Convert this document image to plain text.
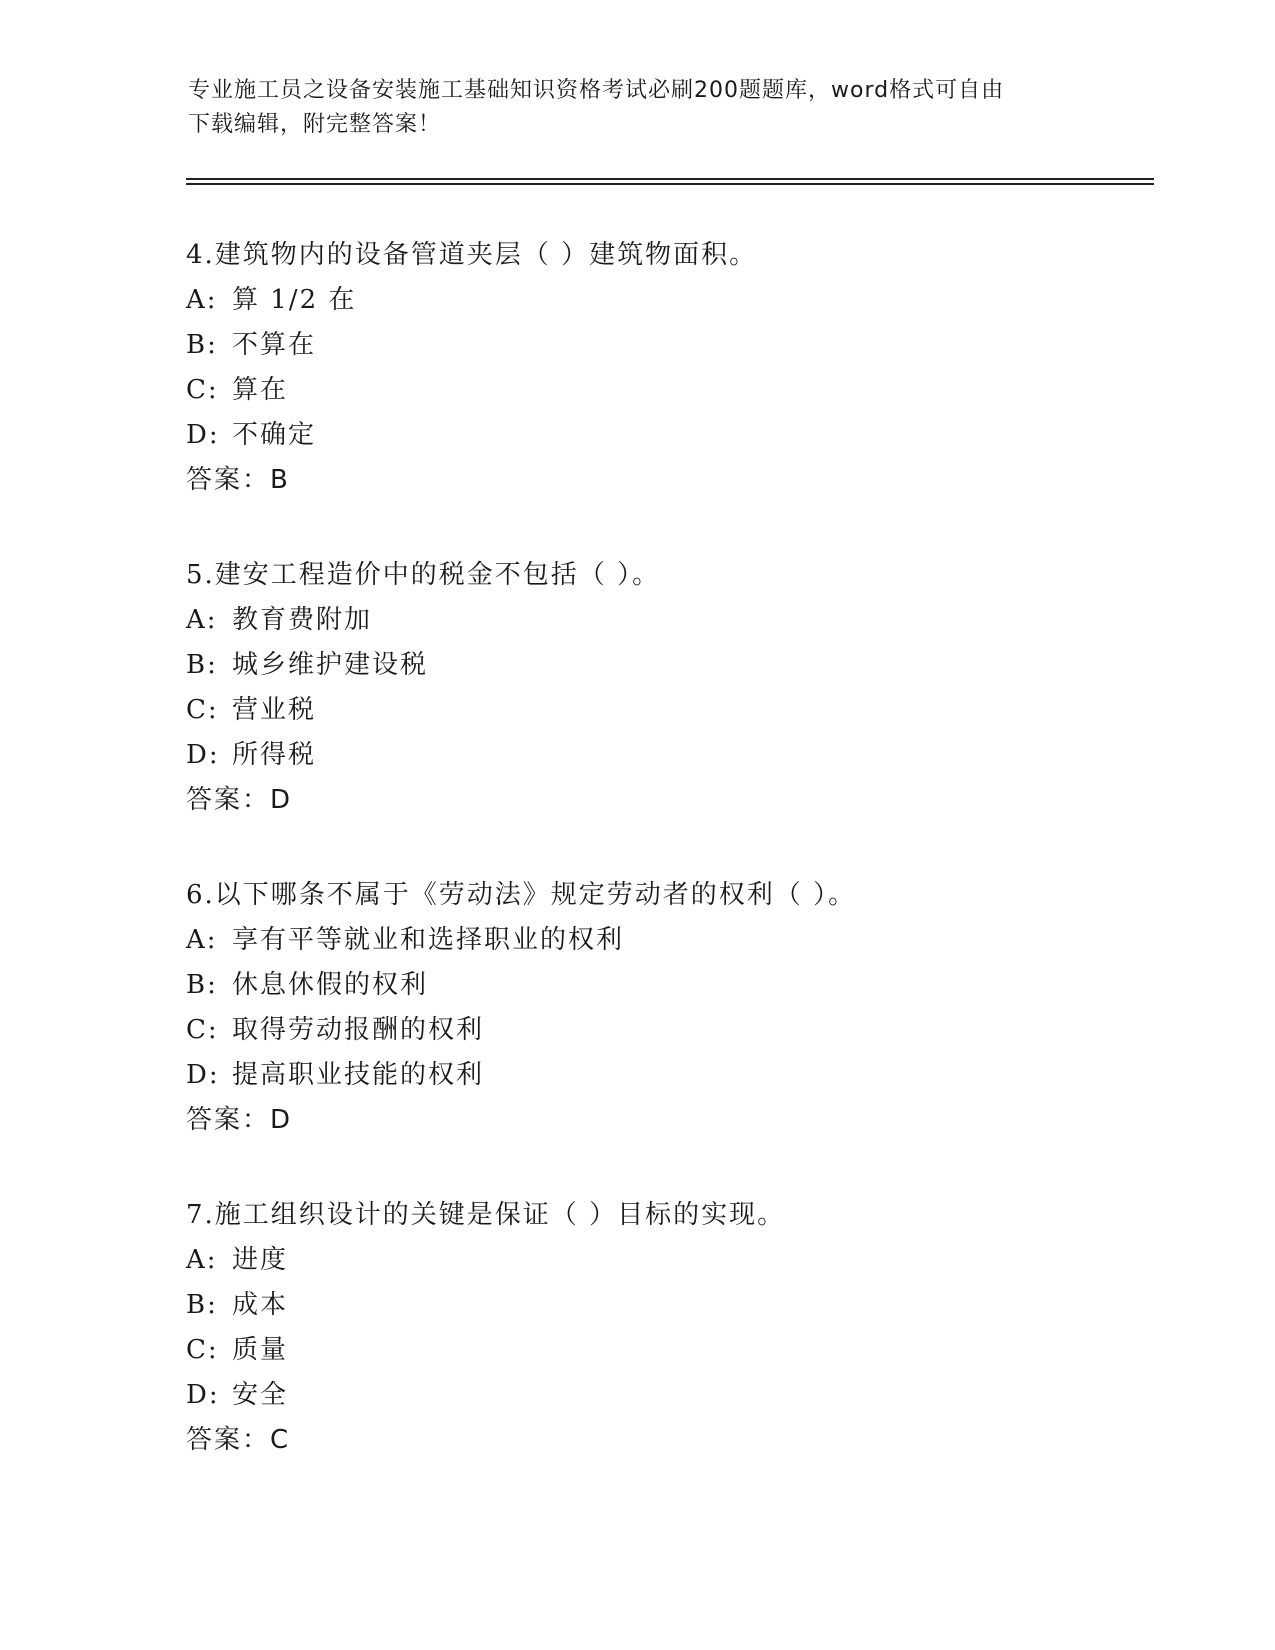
专业施工员之设备安装施工基础知识资格考试必刷200题题库，word格式可自由
下载编辑，附完整答案！
4.建筑物内的设备管道夹层（ ）建筑物面积。
A: 算 1/2 在
B: 不算在
C: 算在
D: 不确定
答案：B
5.建安工程造价中的税金不包括（ ）。
A: 教育费附加
B: 城乡维护建设税
C: 营业税
D: 所得税
答案：D
6.以下哪条不属于《劳动法》规定劳动者的权利（ ）。
A: 享有平等就业和选择职业的权利
B: 休息休假的权利
C: 取得劳动报酬的权利
D: 提高职业技能的权利
答案：D
7.施工组织设计的关键是保证（ ）目标的实现。
A: 进度
B: 成本
C: 质量
D: 安全
答案：C
